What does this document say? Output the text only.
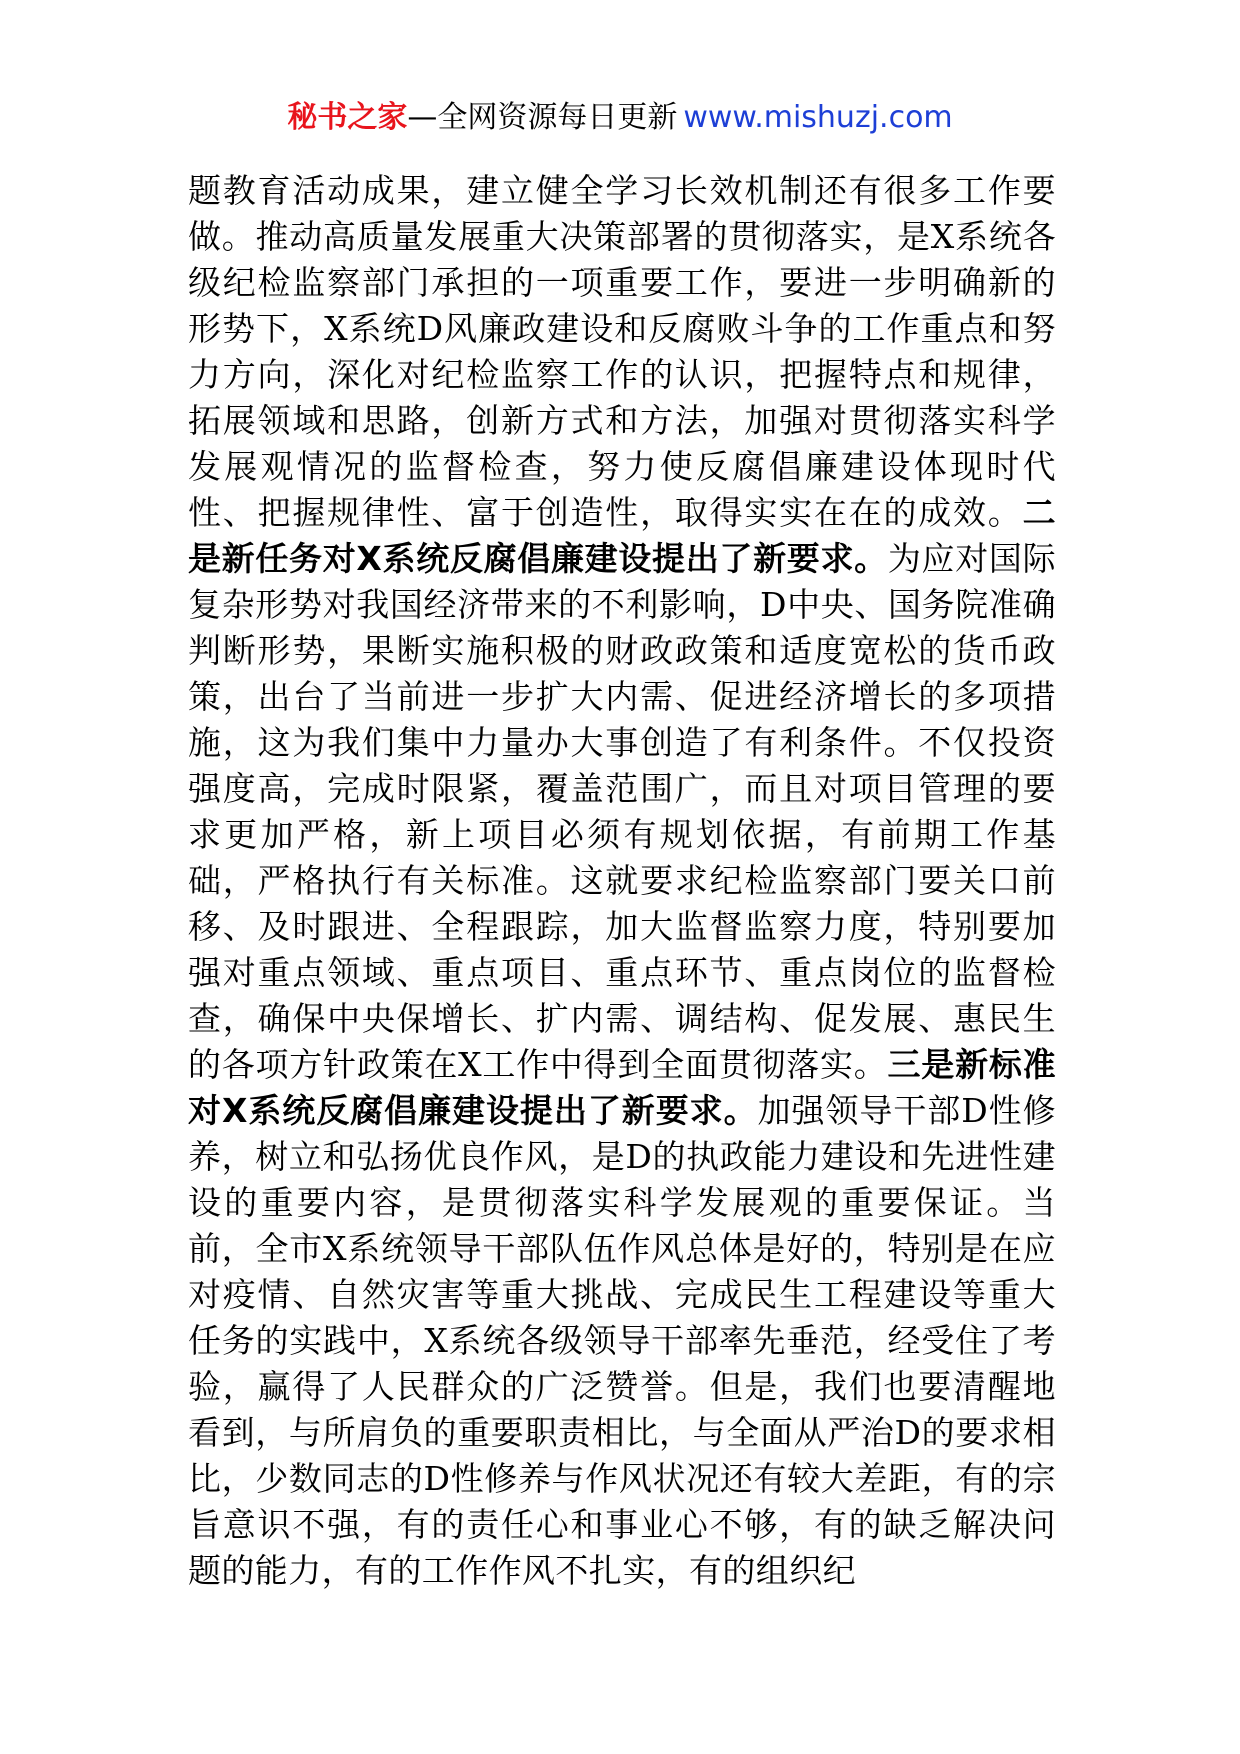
秘书之家—全网资源每日更新 www.mishuzj.com

题教育活动成果，建立健全学习长效机制还有很多工作要做。推动高质量发展重大决策部署的贯彻落实，是X系统各级纪检监察部门承担的一项重要工作，要进一步明确新的形势下，X系统D风廉政建设和反腐败斗争的工作重点和努力方向，深化对纪检监察工作的认识，把握特点和规律，拓展领域和思路，创新方式和方法，加强对贯彻落实科学发展观情况的监督检查，努力使反腐倡廉建设体现时代性、把握规律性、富于创造性，取得实实在在的成效。二是新任务对X系统反腐倡廉建设提出了新要求。为应对国际复杂形势对我国经济带来的不利影响，D中央、国务院准确判断形势，果断实施积极的财政政策和适度宽松的货币政策，出台了当前进一步扩大内需、促进经济增长的多项措施，这为我们集中力量办大事创造了有利条件。不仅投资强度高，完成时限紧，覆盖范围广，而且对项目管理的要求更加严格，新上项目必须有规划依据，有前期工作基础，严格执行有关标准。这就要求纪检监察部门要关口前移、及时跟进、全程跟踪，加大监督监察力度，特别要加强对重点领域、重点项目、重点环节、重点岗位的监督检查，确保中央保增长、扩内需、调结构、促发展、惠民生的各项方针政策在X工作中得到全面贯彻落实。三是新标准对X系统反腐倡廉建设提出了新要求。加强领导干部D性修养，树立和弘扬优良作风，是D的执政能力建设和先进性建设的重要内容，是贯彻落实科学发展观的重要保证。当前，全市X系统领导干部队伍作风总体是好的，特别是在应对疫情、自然灾害等重大挑战、完成民生工程建设等重大任务的实践中，X系统各级领导干部率先垂范，经受住了考验，赢得了人民群众的广泛赞誉。但是，我们也要清醒地看到，与所肩负的重要职责相比，与全面从严治D的要求相比，少数同志的D性修养与作风状况还有较大差距，有的宗旨意识不强，有的责任心和事业心不够，有的缺乏解决问题的能力，有的工作作风不扎实，有的组织纪
